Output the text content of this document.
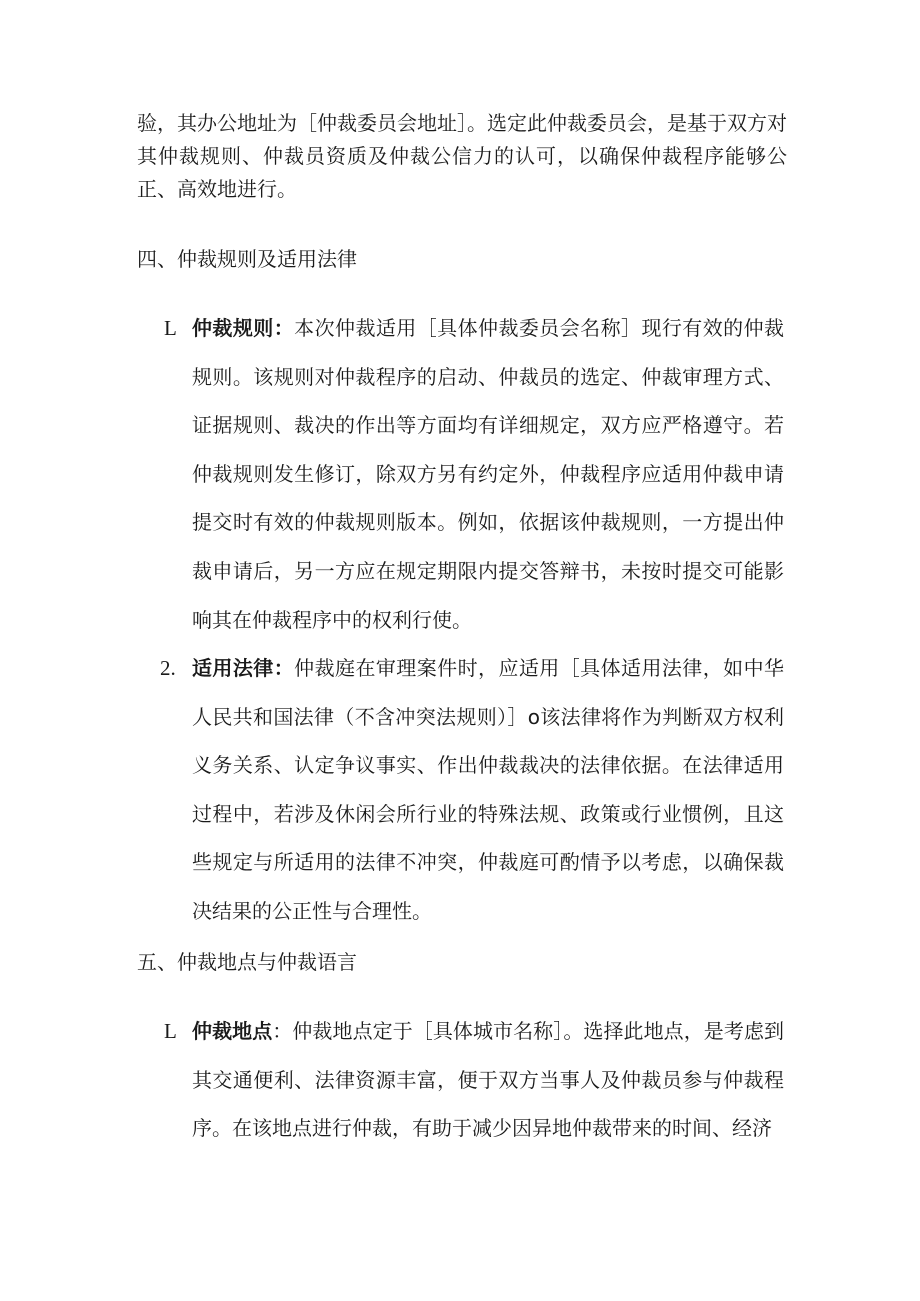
验，其办公地址为［仲裁委员会地址］。选定此仲裁委员会，是基于双方对其仲裁规则、仲裁员资质及仲裁公信力的认可，以确保仲裁程序能够公正、高效地进行。

四、仲裁规则及适用法律

L 仲裁规则：本次仲裁适用［具体仲裁委员会名称］现行有效的仲裁规则。该规则对仲裁程序的启动、仲裁员的选定、仲裁审理方式、证据规则、裁决的作出等方面均有详细规定，双方应严格遵守。若仲裁规则发生修订，除双方另有约定外，仲裁程序应适用仲裁申请提交时有效的仲裁规则版本。例如，依据该仲裁规则，一方提出仲裁申请后，另一方应在规定期限内提交答辩书，未按时提交可能影响其在仲裁程序中的权利行使。

2. 适用法律：仲裁庭在审理案件时，应适用［具体适用法律，如中华人民共和国法律（不含冲突法规则）］o该法律将作为判断双方权利义务关系、认定争议事实、作出仲裁裁决的法律依据。在法律适用过程中，若涉及休闲会所行业的特殊法规、政策或行业惯例，且这些规定与所适用的法律不冲突，仲裁庭可酌情予以考虑，以确保裁决结果的公正性与合理性。

五、仲裁地点与仲裁语言

L 仲裁地点：仲裁地点定于［具体城市名称］。选择此地点，是考虑到其交通便利、法律资源丰富，便于双方当事人及仲裁员参与仲裁程序。在该地点进行仲裁，有助于减少因异地仲裁带来的时间、经济
